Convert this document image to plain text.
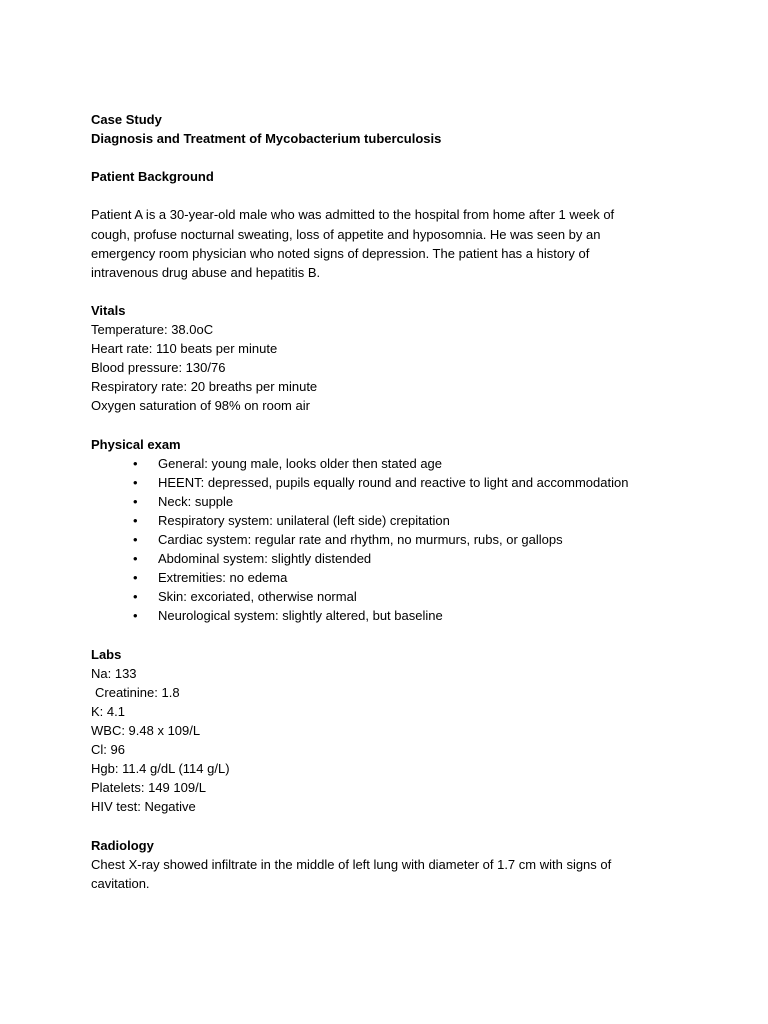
Case Study
Diagnosis and Treatment of Mycobacterium tuberculosis
Patient Background
Patient A is a 30-year-old male who was admitted to the hospital from home after 1 week of
cough, profuse nocturnal sweating, loss of appetite and hyposomnia. He was seen by an
emergency room physician who noted signs of depression. The patient has a history of
intravenous drug abuse and hepatitis B.
Vitals
Temperature: 38.0oC
Heart rate: 110 beats per minute
Blood pressure: 130/76
Respiratory rate: 20 breaths per minute
Oxygen saturation of 98% on room air
Physical exam
• General: young male, looks older then stated age
• HEENT: depressed, pupils equally round and reactive to light and accommodation
• Neck: supple
• Respiratory system: unilateral (left side) crepitation
• Cardiac system: regular rate and rhythm, no murmurs, rubs, or gallops
• Abdominal system: slightly distended
• Extremities: no edema
• Skin: excoriated, otherwise normal
• Neurological system: slightly altered, but baseline
Labs
Na: 133
Creatinine: 1.8
K: 4.1
WBC: 9.48 x 109/L
Cl: 96
Hgb: 11.4 g/dL (114 g/L)
Platelets: 149 109/L
HIV test: Negative
Radiology
Chest X-ray showed infiltrate in the middle of left lung with diameter of 1.7 cm with signs of
cavitation.
